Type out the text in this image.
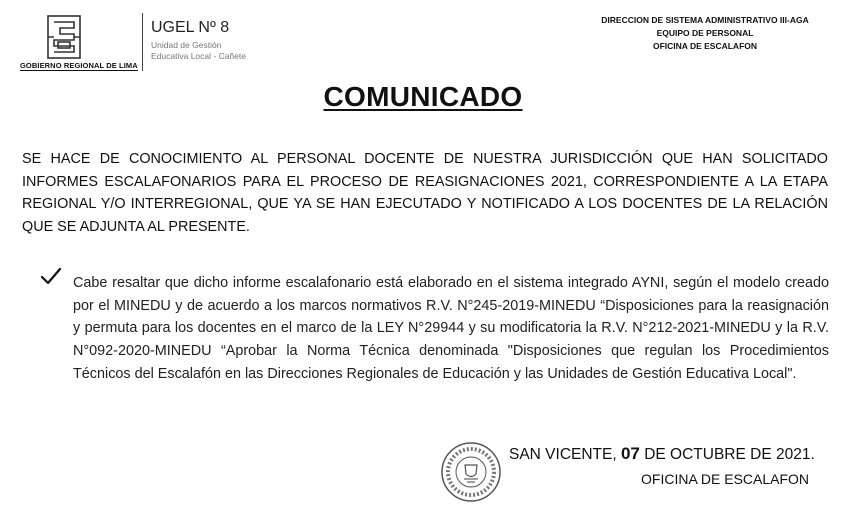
GOBIERNO REGIONAL DE LIMA
UGEL Nº 8
Unidad de Gestión
Educativa Local - Cañete
DIRECCION DE SISTEMA ADMINISTRATIVO III-AGA
EQUIPO DE PERSONAL
OFICINA DE ESCALAFON
COMUNICADO
SE HACE DE CONOCIMIENTO AL PERSONAL DOCENTE DE NUESTRA JURISDICCIÓN QUE HAN SOLICITADO INFORMES ESCALAFONARIOS PARA EL PROCESO DE REASIGNACIONES 2021, CORRESPONDIENTE A LA ETAPA REGIONAL Y/O INTERREGIONAL, QUE YA SE HAN EJECUTADO Y NOTIFICADO A LOS DOCENTES DE LA RELACIÓN QUE SE ADJUNTA AL PRESENTE.
Cabe resaltar que dicho informe escalafonario está elaborado en el sistema integrado AYNI, según el modelo creado por el MINEDU y de acuerdo a los marcos normativos R.V. N°245-2019-MINEDU “Disposiciones para la reasignación y permuta para los docentes en el marco de la LEY N°29944 y su modificatoria la R.V. N°212-2021-MINEDU y la R.V. N°092-2020-MINEDU “Aprobar la Norma Técnica denominada "Disposiciones que regulan los Procedimientos Técnicos del Escalafón en las Direcciones Regionales de Educación y las Unidades de Gestión Educativa Local".
SAN VICENTE, 07 DE OCTUBRE DE 2021.
OFICINA DE ESCALAFON
